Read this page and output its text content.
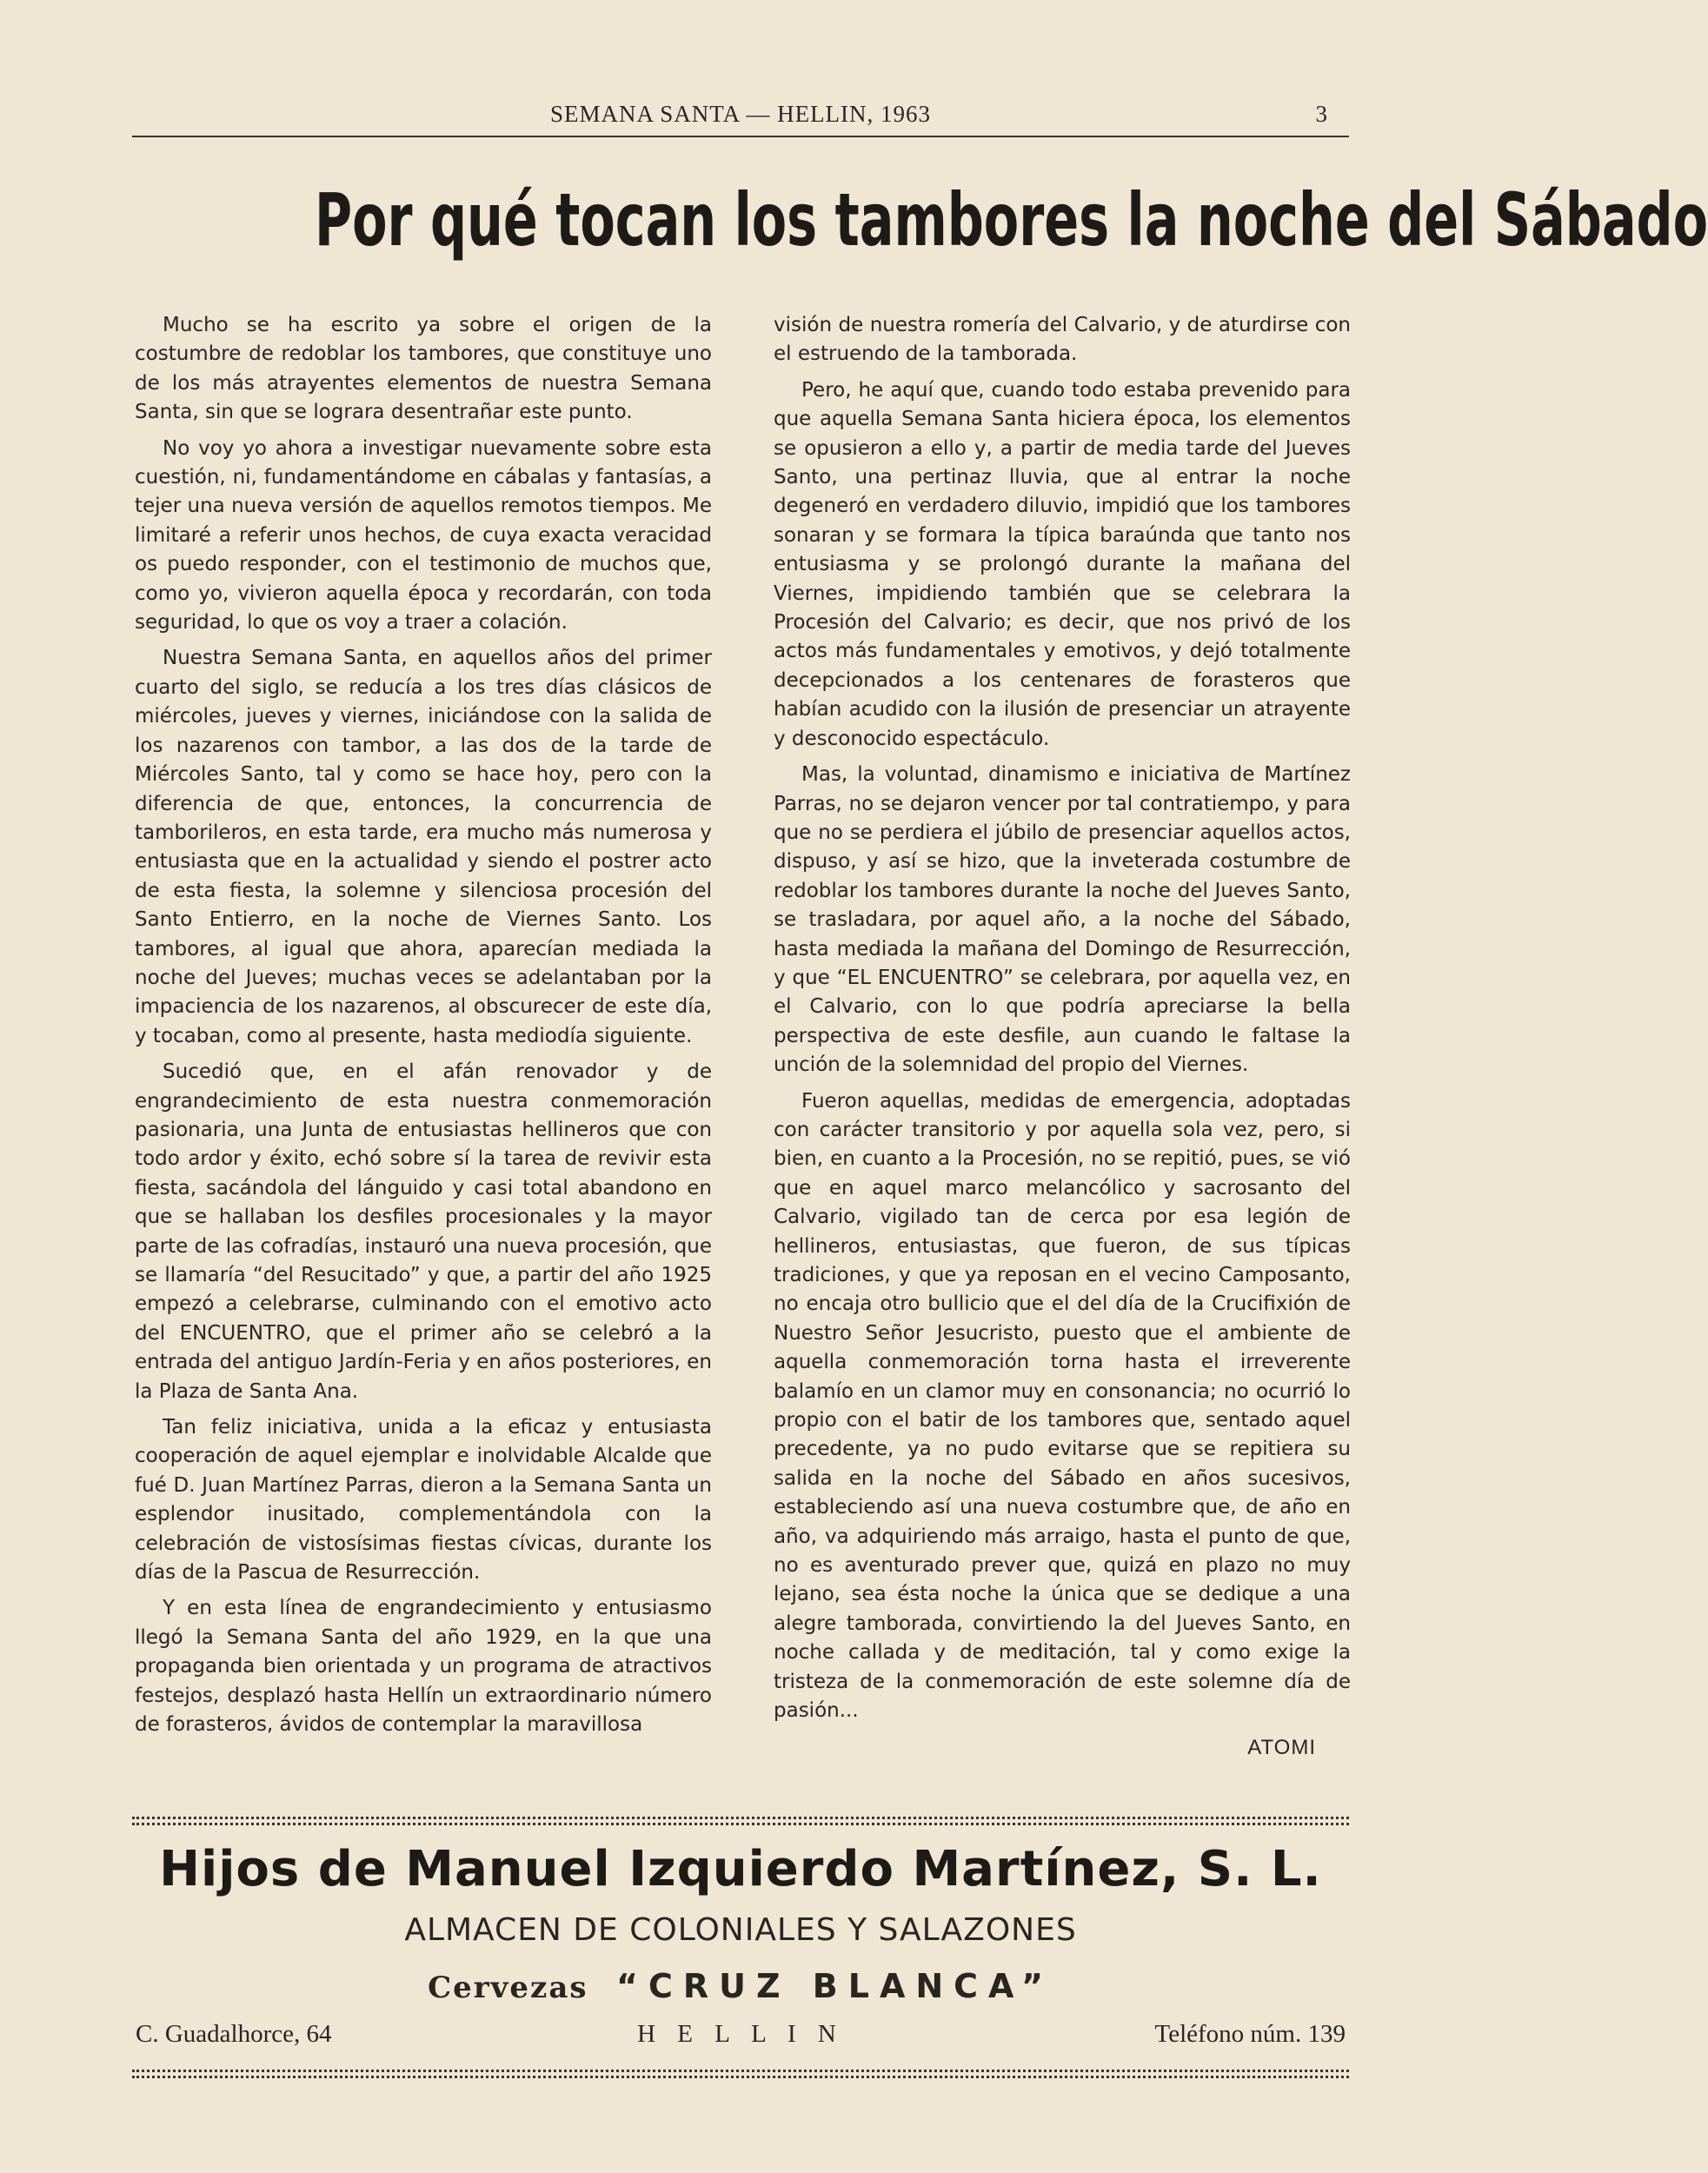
SEMANA SANTA — HELLIN, 1963	3
Por qué tocan los tambores la noche del Sábado

Mucho se ha escrito ya sobre el origen de la costumbre de redoblar los tambores, que constituye uno de los más atrayentes elementos de nuestra Semana Santa, sin que se lograra desentrañar este punto.

No voy yo ahora a investigar nuevamente sobre esta cuestión, ni, fundamentándome en cábalas y fantasías, a tejer una nueva versión de aquellos remotos tiempos. Me limitaré a referir unos hechos, de cuya exacta veracidad os puedo responder, con el testimonio de muchos que, como yo, vivieron aquella época y recordarán, con toda seguridad, lo que os voy a traer a colación.

Nuestra Semana Santa, en aquellos años del primer cuarto del siglo, se reducía a los tres días clásicos de miércoles, jueves y viernes, iniciándose con la salida de los nazarenos con tambor, a las dos de la tarde de Miércoles Santo, tal y como se hace hoy, pero con la diferencia de que, entonces, la concurrencia de tamborileros, en esta tarde, era mucho más numerosa y entusiasta que en la actualidad y siendo el postrer acto de esta fiesta, la solemne y silenciosa procesión del Santo Entierro, en la noche de Viernes Santo. Los tambores, al igual que ahora, aparecían mediada la noche del Jueves; muchas veces se adelantaban por la impaciencia de los nazarenos, al obscurecer de este día, y tocaban, como al presente, hasta mediodía siguiente.

Sucedió que, en el afán renovador y de engrandecimiento de esta nuestra conmemoración pasionaria, una Junta de entusiastas hellineros que con todo ardor y éxito, echó sobre sí la tarea de revivir esta fiesta, sacándola del lánguido y casi total abandono en que se hallaban los desfiles procesionales y la mayor parte de las cofradías, instauró una nueva procesión, que se llamaría “del Resucitado” y que, a partir del año 1925 empezó a celebrarse, culminando con el emotivo acto del ENCUENTRO, que el primer año se celebró a la entrada del antiguo Jardín-Feria y en años posteriores, en la Plaza de Santa Ana.

Tan feliz iniciativa, unida a la eficaz y entusiasta cooperación de aquel ejemplar e inolvidable Alcalde que fué D. Juan Martínez Parras, dieron a la Semana Santa un esplendor inusitado, complementándola con la celebración de vistosísimas fiestas cívicas, durante los días de la Pascua de Resurrección.

Y en esta línea de engrandecimiento y entusiasmo llegó la Semana Santa del año 1929, en la que una propaganda bien orientada y un programa de atractivos festejos, desplazó hasta Hellín un extraordinario número de forasteros, ávidos de contemplar la maravillosa

visión de nuestra romería del Calvario, y de aturdirse con el estruendo de la tamborada.

Pero, he aquí que, cuando todo estaba prevenido para que aquella Semana Santa hiciera época, los elementos se opusieron a ello y, a partir de media tarde del Jueves Santo, una pertinaz lluvia, que al entrar la noche degeneró en verdadero diluvio, impidió que los tambores sonaran y se formara la típica baraúnda que tanto nos entusiasma y se prolongó durante la mañana del Viernes, impidiendo también que se celebrara la Procesión del Calvario; es decir, que nos privó de los actos más fundamentales y emotivos, y dejó totalmente decepcionados a los centenares de forasteros que habían acudido con la ilusión de presenciar un atrayente y desconocido espectáculo.

Mas, la voluntad, dinamismo e iniciativa de Martínez Parras, no se dejaron vencer por tal contratiempo, y para que no se perdiera el júbilo de presenciar aquellos actos, dispuso, y así se hizo, que la inveterada costumbre de redoblar los tambores durante la noche del Jueves Santo, se trasladara, por aquel año, a la noche del Sábado, hasta mediada la mañana del Domingo de Resurrección, y que “EL ENCUENTRO” se celebrara, por aquella vez, en el Calvario, con lo que podría apreciarse la bella perspectiva de este desfile, aun cuando le faltase la unción de la solemnidad del propio del Viernes.

Fueron aquellas, medidas de emergencia, adoptadas con carácter transitorio y por aquella sola vez, pero, si bien, en cuanto a la Procesión, no se repitió, pues, se vió que en aquel marco melancólico y sacrosanto del Calvario, vigilado tan de cerca por esa legión de hellineros, entusiastas, que fueron, de sus típicas tradiciones, y que ya reposan en el vecino Camposanto, no encaja otro bullicio que el del día de la Crucifixión de Nuestro Señor Jesucristo, puesto que el ambiente de aquella conmemoración torna hasta el irreverente balamío en un clamor muy en consonancia; no ocurrió lo propio con el batir de los tambores que, sentado aquel precedente, ya no pudo evitarse que se repitiera su salida en la noche del Sábado en años sucesivos, estableciendo así una nueva costumbre que, de año en año, va adquiriendo más arraigo, hasta el punto de que, no es aventurado prever que, quizá en plazo no muy lejano, sea ésta noche la única que se dedique a una alegre tamborada, convirtiendo la del Jueves Santo, en noche callada y de meditación, tal y como exige la tristeza de la conmemoración de este solemne día de pasión...

ATOMI
Hijos de Manuel Izquierdo Martínez, S. L.
ALMACEN DE COLONIALES Y SALAZONES
Cervezas “CRUZ BLANCA”
C. Guadalhorce, 64	H E L L I N	Teléfono núm. 139
